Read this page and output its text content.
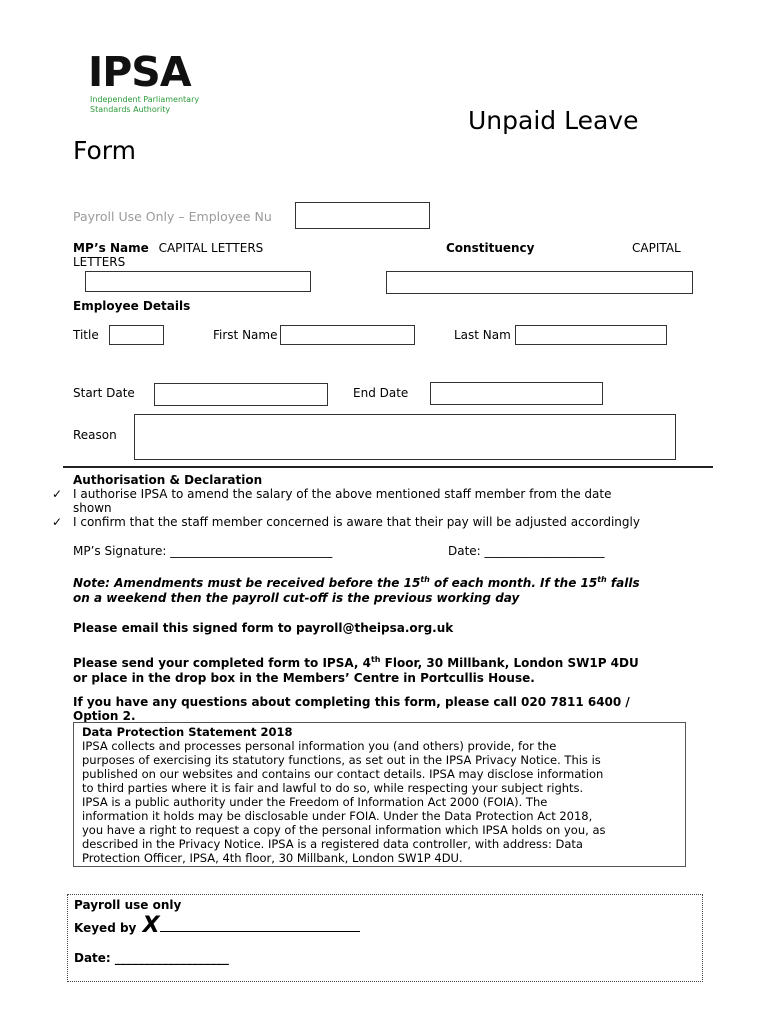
IPSA
Independent Parliamentary
Standards Authority	Unpaid Leave
Form
Payroll Use Only – Employee Nu
MP’s Name CAPITAL LETTERS
LETTERS
Constituency	CAPITAL
Employee Details
Title	First Name	Last Nam
Start Date	End Date
Reason
Authorisation & Declaration
✓ I authorise IPSA to amend the salary of the above mentioned staff member from the date
shown
✓ I confirm that the staff member concerned is aware that their pay will be adjusted accordingly
MP’s Signature: ___________________________	Date: ____________________
Note: Amendments must be received before the 15th of each month. If the 15th falls
on a weekend then the payroll cut-off is the previous working day
Please email this signed form to payroll@theipsa.org.uk
Please send your completed form to IPSA, 4th Floor, 30 Millbank, London SW1P 4DU
or place in the drop box in the Members’ Centre in Portcullis House.
If you have any questions about completing this form, please call 020 7811 6400 /
Option 2.
Data Protection Statement 2018
IPSA collects and processes personal information you (and others) provide, for the
purposes of exercising its statutory functions, as set out in the IPSA Privacy Notice. This is
published on our websites and contains our contact details. IPSA may disclose information
to third parties where it is fair and lawful to do so, while respecting your subject rights.
IPSA is a public authority under the Freedom of Information Act 2000 (FOIA). The
information it holds may be disclosable under FOIA. Under the Data Protection Act 2018,
you have a right to request a copy of the personal information which IPSA holds on you, as
described in the Privacy Notice. IPSA is a registered data controller, with address: Data
Protection Officer, IPSA, 4th floor, 30 Millbank, London SW1P 4DU.
Payroll use only
Keyed by X
Date: ___________________
